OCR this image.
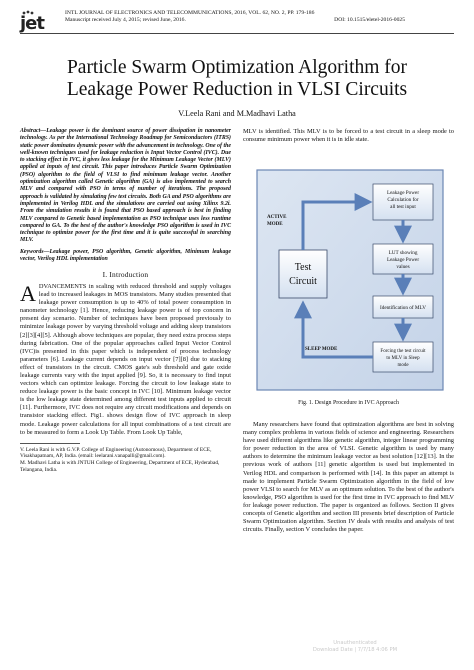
jet	INTL JOURNAL OF ELECTRONICS AND TELECOMMUNICATIONS, 2016, VOL. 62, NO. 2, PP. 179-186
Manuscript received July 4, 2015; revised June, 2016.	DOI: 10.1515/eletel-2016-0025
Particle Swarm Optimization Algorithm for
Leakage Power Reduction in VLSI Circuits
V.Leela Rani and M.Madhavi Latha
Abstract—Leakage power is the dominant source of power dissipation in nanometer technology. As per the International Technology Roadmap for Semiconductors (ITRS) static power dominates dynamic power with the advancement in technology. One of the well-known techniques used for leakage reduction is Input Vector Control (IVC). Due to stacking effect in IVC, it gives less leakage for the Minimum Leakage Vector (MLV) applied at inputs of test circuit. This paper introduces Particle Swarm Optimization (PSO) algorithm to the field of VLSI to find minimum leakage vector. Another optimization algorithm called Genetic algorithm (GA) is also implemented to search MLV and compared with PSO in terms of number of iterations. The proposed approach is validated by simulating few test circuits. Both GA and PSO algorithms are implemented in Verilog HDL and the simulations are carried out using Xilinx 9.2i. From the simulation results it is found that PSO based approach is best in finding MLV compared to Genetic based implementation as PSO technique uses less runtime compared to GA. To the best of the author's knowledge PSO algorithm is used in IVC technique to optimize power for the first time and it is quite successful in searching MLV.
Keywords—Leakage power, PSO algorithm, Genetic algorithm, Minimum leakage vector, Verilog HDL implementation
I. Introduction
ADVANCEMENTS in scaling with reduced threshold and supply voltages lead to increased leakages in MOS transistors. Many studies presented that leakage power consumption is up to 40% of total power consumption in nanometer technology [1]. Hence, reducing leakage power is of top concern in present day scenario. Number of techniques have been proposed previously to minimize leakage power by varying threshold voltage and adding sleep transistors [2][3][4][5]. Although above techniques are popular, they need extra process steps during fabrication. One of the popular approaches called Input Vector Control (IVC)is presented in this paper which is independent of process technology parameters [6]. Leakage current depends on input vector [7][8] due to stacking effect of transistors in the circuit. CMOS gate's sub threshold and gate oxide leakage currents vary with the input applied [9]. So, it is necessary to find input vectors which can optimize leakage. Forcing the circuit to low leakage state to reduce leakage power is the basic concept in IVC [10]. Minimum leakage vector is the low leakage state determined among different test inputs applied to circuit [11]. Furthermore, IVC does not require any circuit modifications and depends on transistor stacking effect. Fig1. shows design flow of IVC approach in sleep mode. Leakage power calculations for all input combinations of a test circuit are to be measured to form a Look Up Table. From Look Up Table,
V. Leela Rani is with G.V.P. College of Engineering (Autonomous), Department of ECE, Visakhapatnam, AP, India. (email: leelarani.vanapalli@gmail.com).
M. Madhavi Latha is with JNTUH College of Engineering, Department of ECE, Hyderabad, Telangana, India.
MLV is identified. This MLV is to be forced to a test circuit in a sleep mode to consume minimum power when it is in idle state.
Test
Circuit
Leakage Power Calculation for all test input
LUT showing Leakage Power values
Identification of MLV
Forcing the test circuit to MLV in Sleep mode
ACTIVE MODE
SLEEP MODE
Fig. 1. Design Procedure in IVC Approach
Many researchers have found that optimization algorithms are best in solving many complex problems in various fields of science and engineering. Researchers have used different algorithms like genetic algorithm, integer linear programming for power reduction in the area of VLSI. Genetic algorithm is used by many authors to determine the minimum leakage vector as best solution [12][13]. In the previous work of authors [11] genetic algorithm is used but implemented in Verilog HDL and comparison is performed with [14]. In this paper an attempt is made to implement Particle Swarm Optimization algorithm in the field of low power VLSI to search for MLV as an optimum solution. To the best of the author's knowledge, PSO algorithm is used for the first time in IVC approach to find MLV for leakage power reduction. The paper is organized as follows. Section II gives concepts of Genetic algorithm and section III presents brief description of Particle Swarm Optimization algorithm. Section IV deals with results and analysis of test circuits. Finally, section V concludes the paper.
Unauthenticated
Download Date | 7/7/18 4:06 PM
